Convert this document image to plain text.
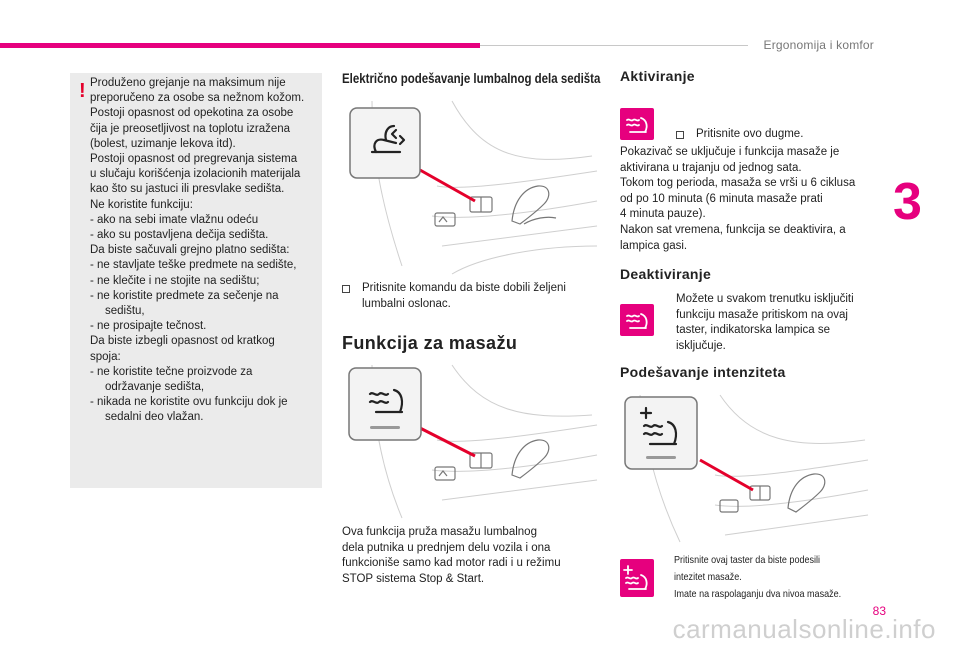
Ergonomija i komfor
3
! Produženo grejanje na maksimum nije
preporučeno za osobe sa nežnom kožom.
Postoji opasnost od opekotina za osobe
čija je preosetljivost na toplotu izražena
(bolest, uzimanje lekova itd).
Postoji opasnost od pregrevanja sistema
u slučaju korišćenja izolacionih materijala
kao što su jastuci ili presvlake sedišta.
Ne koristite funkciju:
- ako na sebi imate vlažnu odeću
- ako su postavljena dečija sedišta.
Da biste sačuvali grejno platno sedišta:
- ne stavljate teške predmete na sedište,
- ne klečite i ne stojite na sedištu;
- ne koristite predmete za sečenje na
sedištu,
- ne prosipajte tečnost.
Da biste izbegli opasnost od kratkog
spoja:
- ne koristite tečne proizvode za
održavanje sedišta,
- nikada ne koristite ovu funkciju dok je
sedalni deo vlažan.
Električno podešavanje lumbalnog dela sedišta
Pritisnite komandu da biste dobili željeni
lumbalni oslonac.
Funkcija za masažu
Ova funkcija pruža masažu lumbalnog
dela putnika u prednjem delu vozila i ona
funkcioniše samo kad motor radi i u režimu
STOP sistema Stop & Start.
Aktiviranje
Pritisnite ovo dugme.
Pokazivač se uključuje i funkcija masaže je
aktivirana u trajanju od jednog sata.
Tokom tog perioda, masaža se vrši u 6 ciklusa
od po 10 minuta (6 minuta masaže prati
4 minuta pauze).
Nakon sat vremena, funkcija se deaktivira, a
lampica gasi.
Deaktiviranje
Možete u svakom trenutku isključiti
funkciju masaže pritiskom na ovaj
taster, indikatorska lampica se
isključuje.
Podešavanje intenziteta
Pritisnite ovaj taster da biste podesili
intezitet masaže.
Imate na raspolaganju dva nivoa masaže.
83
carmanualsonline.info
